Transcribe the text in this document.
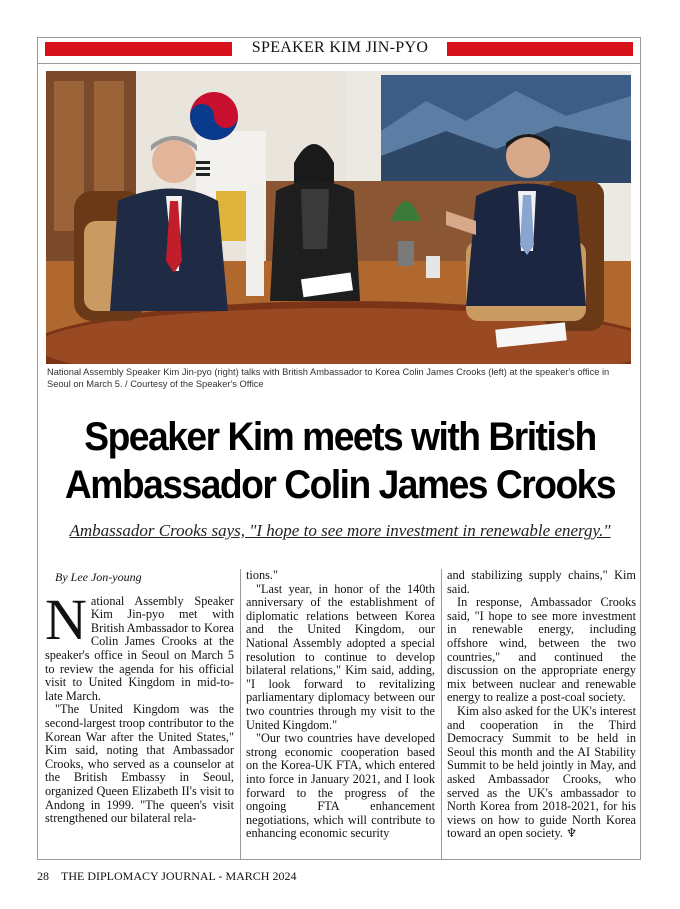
SPEAKER KIM JIN-PYO
National Assembly Speaker Kim Jin-pyo (right) talks with British Ambassador to Korea Colin James Crooks (left) at the speaker's office in Seoul on March 5. / Courtesy of the Speaker's Office
Speaker Kim meets with British
Ambassador Colin James Crooks
Ambassador Crooks says, "I hope to see more investment in renewable energy."
By Lee Jon-young

National Assembly Speaker Kim Jin-pyo met with British Ambassador to Korea Colin James Crooks at the speaker's office in Seoul on March 5 to review the agenda for his official visit to United Kingdom in mid-to-late March.

"The United Kingdom was the second-largest troop contributor to the Korean War after the United States," Kim said, noting that Ambassador Crooks, who served as a counselor at the British Embassy in Seoul, organized Queen Elizabeth II's visit to Andong in 1999. "The queen's visit strengthened our bilateral rela-

tions."

"Last year, in honor of the 140th anniversary of the establishment of diplomatic relations between Korea and the United Kingdom, our National Assembly adopted a special resolution to continue to develop bilateral relations," Kim said, adding, "I look forward to revitalizing parliamentary diplomacy between our two countries through my visit to the United Kingdom."

"Our two countries have developed strong economic cooperation based on the Korea-UK FTA, which entered into force in January 2021, and I look forward to the progress of the ongoing FTA enhancement negotiations, which will contribute to enhancing economic security

and stabilizing supply chains," Kim said.

In response, Ambassador Crooks said, "I hope to see more investment in renewable energy, including offshore wind, between the two countries," and continued the discussion on the appropriate energy mix between nuclear and renewable energy to realize a post-coal society.

Kim also asked for the UK's interest and cooperation in the Third Democracy Summit to be held in Seoul this month and the AI Stability Summit to be held jointly in May, and asked Ambassador Crooks, who served as the UK's ambassador to North Korea from 2018-2021, for his views on how to guide North Korea toward an open society. ♆

28 THE DIPLOMACY JOURNAL - MARCH 2024
